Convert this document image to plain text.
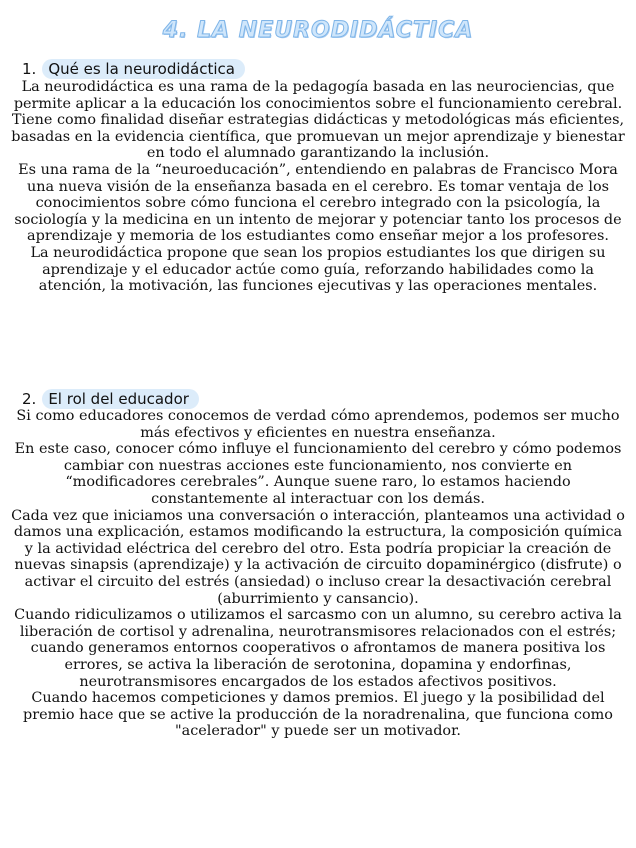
4. LA NEURODIDÁCTICA
1. Qué es la neurodidáctica

La neurodidáctica es una rama de la pedagogía basada en las neurociencias, que permite aplicar a la educación los conocimientos sobre el funcionamiento cerebral. Tiene como finalidad diseñar estrategias didácticas y metodológicas más eficientes, basadas en la evidencia científica, que promuevan un mejor aprendizaje y bienestar en todo el alumnado garantizando la inclusión.

Es una rama de la “neuroeducación”, entendiendo en palabras de Francisco Mora una nueva visión de la enseñanza basada en el cerebro. Es tomar ventaja de los conocimientos sobre cómo funciona el cerebro integrado con la psicología, la sociología y la medicina en un intento de mejorar y potenciar tanto los procesos de aprendizaje y memoria de los estudiantes como enseñar mejor a los profesores.

La neurodidáctica propone que sean los propios estudiantes los que dirigen su aprendizaje y el educador actúe como guía, reforzando habilidades como la atención, la motivación, las funciones ejecutivas y las operaciones mentales.

2. El rol del educador

Si como educadores conocemos de verdad cómo aprendemos, podemos ser mucho más efectivos y eficientes en nuestra enseñanza.

En este caso, conocer cómo influye el funcionamiento del cerebro y cómo podemos cambiar con nuestras acciones este funcionamiento, nos convierte en “modificadores cerebrales”. Aunque suene raro, lo estamos haciendo constantemente al interactuar con los demás.

Cada vez que iniciamos una conversación o interacción, planteamos una actividad o damos una explicación, estamos modificando la estructura, la composición química y la actividad eléctrica del cerebro del otro. Esta podría propiciar la creación de nuevas sinapsis (aprendizaje) y la activación de circuito dopaminérgico (disfrute) o activar el circuito del estrés (ansiedad) o incluso crear la desactivación cerebral (aburrimiento y cansancio).

Cuando ridiculizamos o utilizamos el sarcasmo con un alumno, su cerebro activa la liberación de cortisol y adrenalina, neurotransmisores relacionados con el estrés; cuando generamos entornos cooperativos o afrontamos de manera positiva los errores, se activa la liberación de serotonina, dopamina y endorfinas, neurotransmisores encargados de los estados afectivos positivos.

Cuando hacemos competiciones y damos premios. El juego y la posibilidad del premio hace que se active la producción de la noradrenalina, que funciona como "acelerador" y puede ser un motivador.
